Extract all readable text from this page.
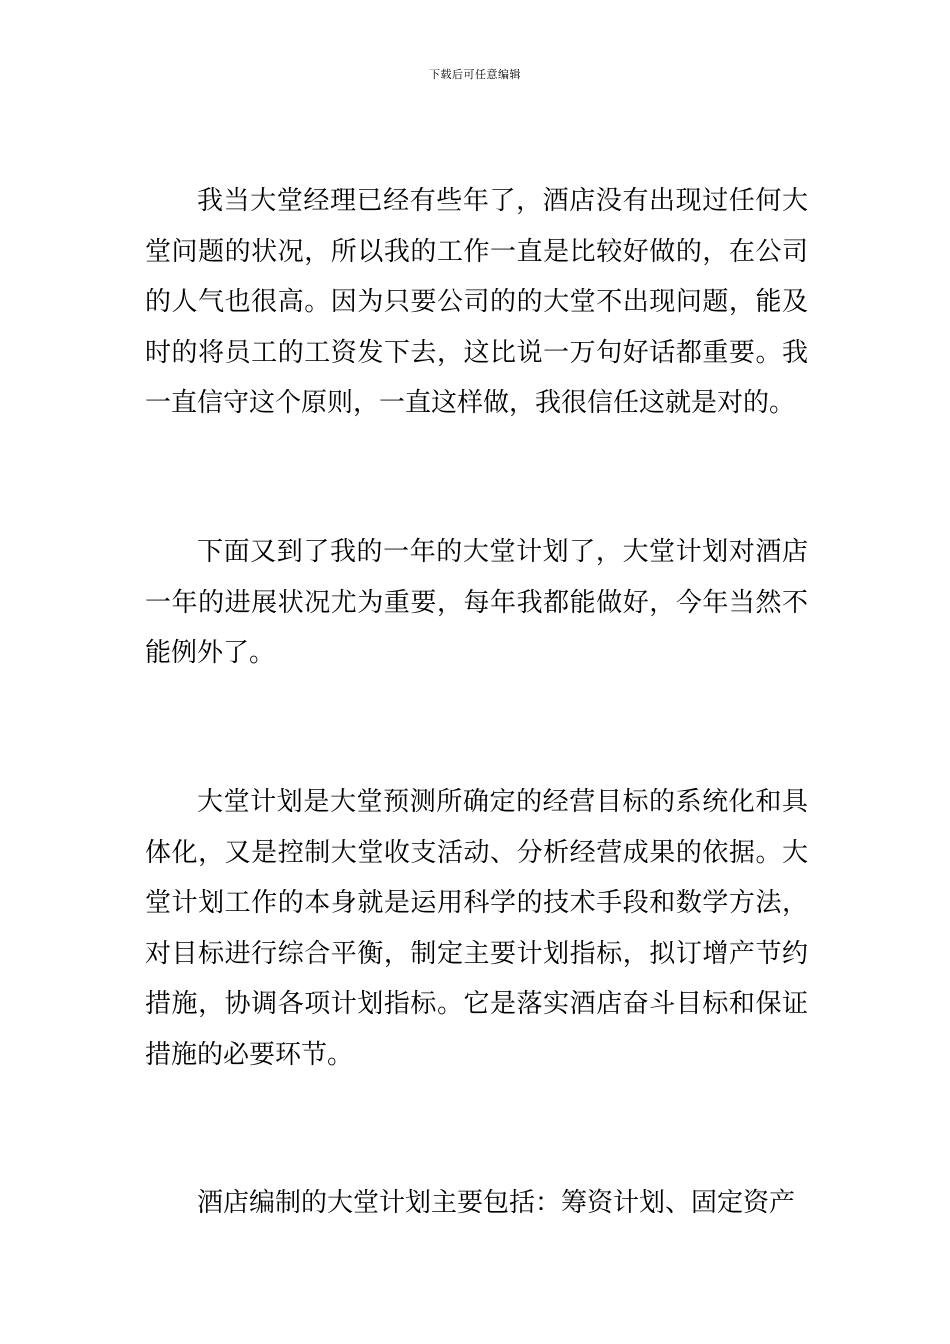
下载后可任意编辑

我当大堂经理已经有些年了，酒店没有出现过任何大堂问题的状况，所以我的工作一直是比较好做的，在公司的人气也很高。因为只要公司的的大堂不出现问题，能及时的将员工的工资发下去，这比说一万句好话都重要。我一直信守这个原则，一直这样做，我很信任这就是对的。

下面又到了我的一年的大堂计划了，大堂计划对酒店一年的进展状况尤为重要，每年我都能做好，今年当然不能例外了。

大堂计划是大堂预测所确定的经营目标的系统化和具体化，又是控制大堂收支活动、分析经营成果的依据。大堂计划工作的本身就是运用科学的技术手段和数学方法，对目标进行综合平衡，制定主要计划指标，拟订增产节约措施，协调各项计划指标。它是落实酒店奋斗目标和保证措施的必要环节。

酒店编制的大堂计划主要包括：筹资计划、固定资产
